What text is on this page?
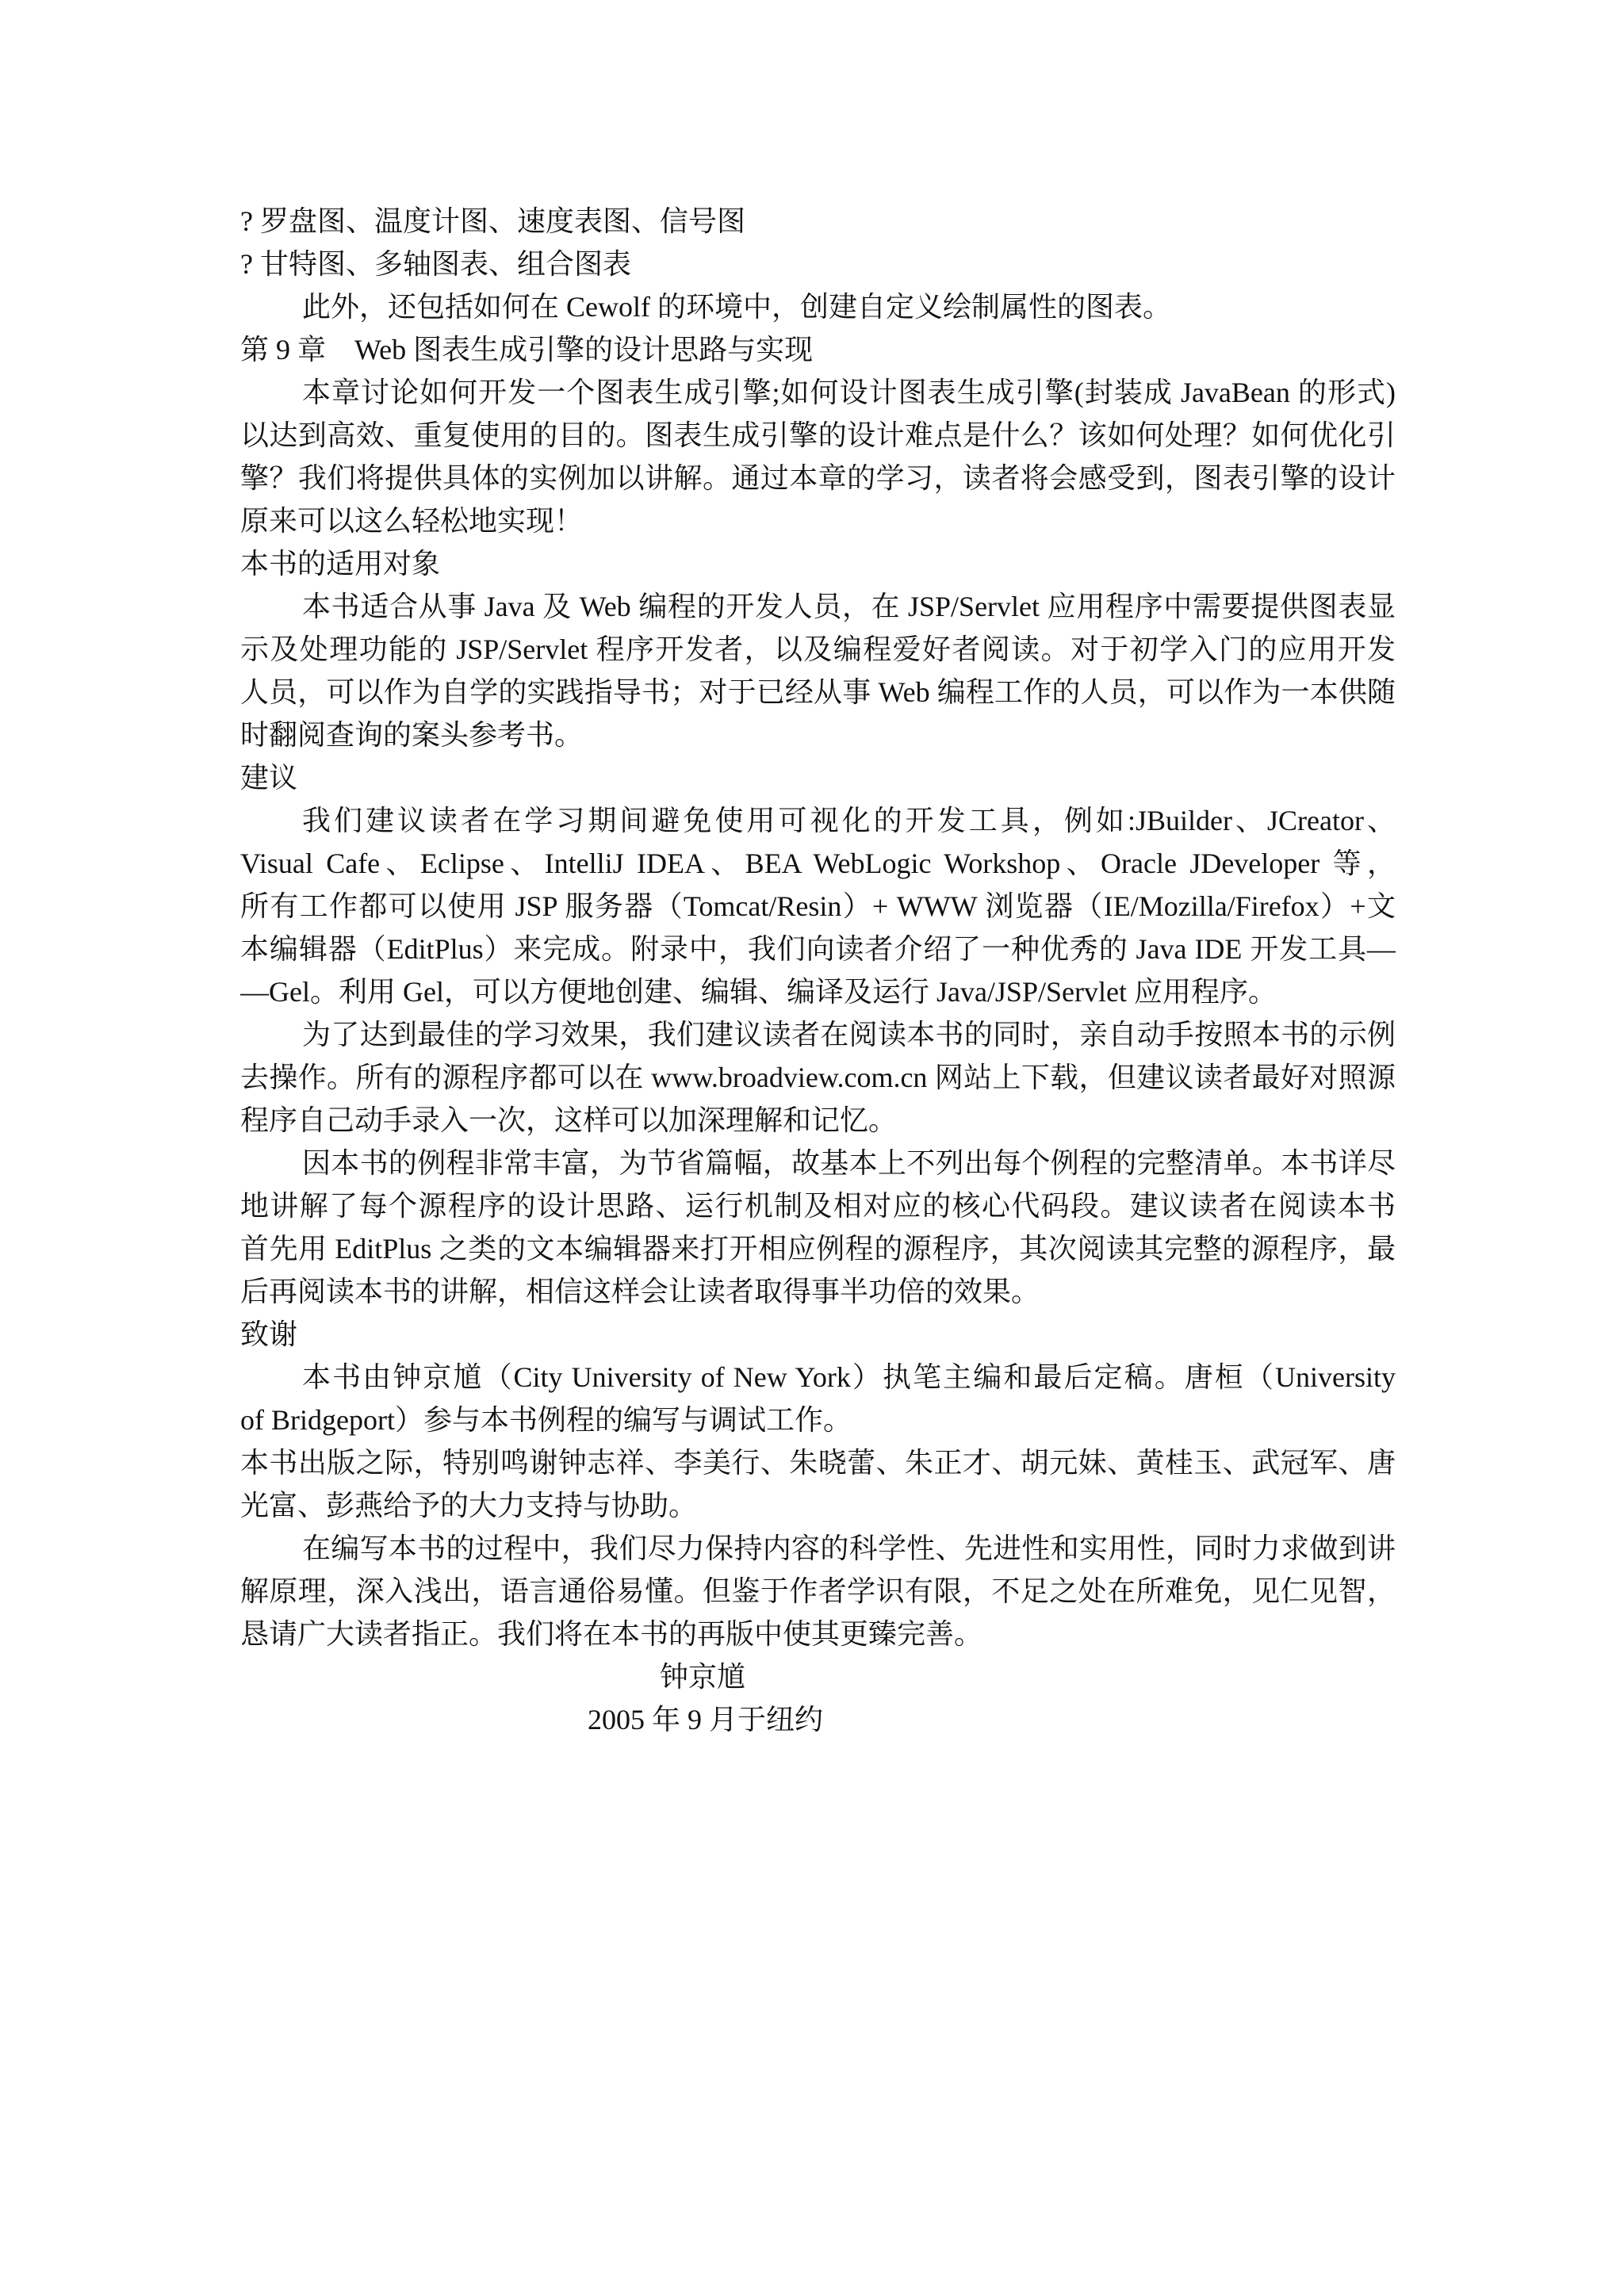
? 罗盘图、温度计图、速度表图、信号图
? 甘特图、多轴图表、组合图表
此外，还包括如何在 Cewolf 的环境中，创建自定义绘制属性的图表。
第 9 章　Web 图表生成引擎的设计思路与实现
本章讨论如何开发一个图表生成引擎;如何设计图表生成引擎(封装成 JavaBean 的形式)
以达到高效、重复使用的目的。图表生成引擎的设计难点是什么？该如何处理？如何优化引
擎？我们将提供具体的实例加以讲解。通过本章的学习，读者将会感受到，图表引擎的设计
原来可以这么轻松地实现！
本书的适用对象
本书适合从事 Java 及 Web 编程的开发人员，在 JSP/Servlet 应用程序中需要提供图表显
示及处理功能的 JSP/Servlet 程序开发者，以及编程爱好者阅读。对于初学入门的应用开发
人员，可以作为自学的实践指导书；对于已经从事 Web 编程工作的人员，可以作为一本供随
时翻阅查询的案头参考书。
建议
我们建议读者在学习期间避免使用可视化的开发工具，例如:JBuilder、JCreator、
Visual Cafe、Eclipse、IntelliJ IDEA、BEA WebLogic Workshop、Oracle JDeveloper 等，
所有工作都可以使用 JSP 服务器（Tomcat/Resin）+ WWW 浏览器（IE/Mozilla/Firefox）+文
本编辑器（EditPlus）来完成。附录中，我们向读者介绍了一种优秀的 Java IDE 开发工具—
—Gel。利用 Gel，可以方便地创建、编辑、编译及运行 Java/JSP/Servlet 应用程序。
为了达到最佳的学习效果，我们建议读者在阅读本书的同时，亲自动手按照本书的示例
去操作。所有的源程序都可以在 www.broadview.com.cn 网站上下载，但建议读者最好对照源
程序自己动手录入一次，这样可以加深理解和记忆。
因本书的例程非常丰富，为节省篇幅，故基本上不列出每个例程的完整清单。本书详尽
地讲解了每个源程序的设计思路、运行机制及相对应的核心代码段。建议读者在阅读本书
首先用 EditPlus 之类的文本编辑器来打开相应例程的源程序，其次阅读其完整的源程序，最
后再阅读本书的讲解，相信这样会让读者取得事半功倍的效果。
致谢
本书由钟京馗（City University of New York）执笔主编和最后定稿。唐桓（University
of Bridgeport）参与本书例程的编写与调试工作。
本书出版之际，特别鸣谢钟志祥、李美行、朱晓蕾、朱正才、胡元妹、黄桂玉、武冠军、唐
光富、彭燕给予的大力支持与协助。
在编写本书的过程中，我们尽力保持内容的科学性、先进性和实用性，同时力求做到讲
解原理，深入浅出，语言通俗易懂。但鉴于作者学识有限，不足之处在所难免，见仁见智，
恳请广大读者指正。我们将在本书的再版中使其更臻完善。
钟京馗
2005 年 9 月于纽约
